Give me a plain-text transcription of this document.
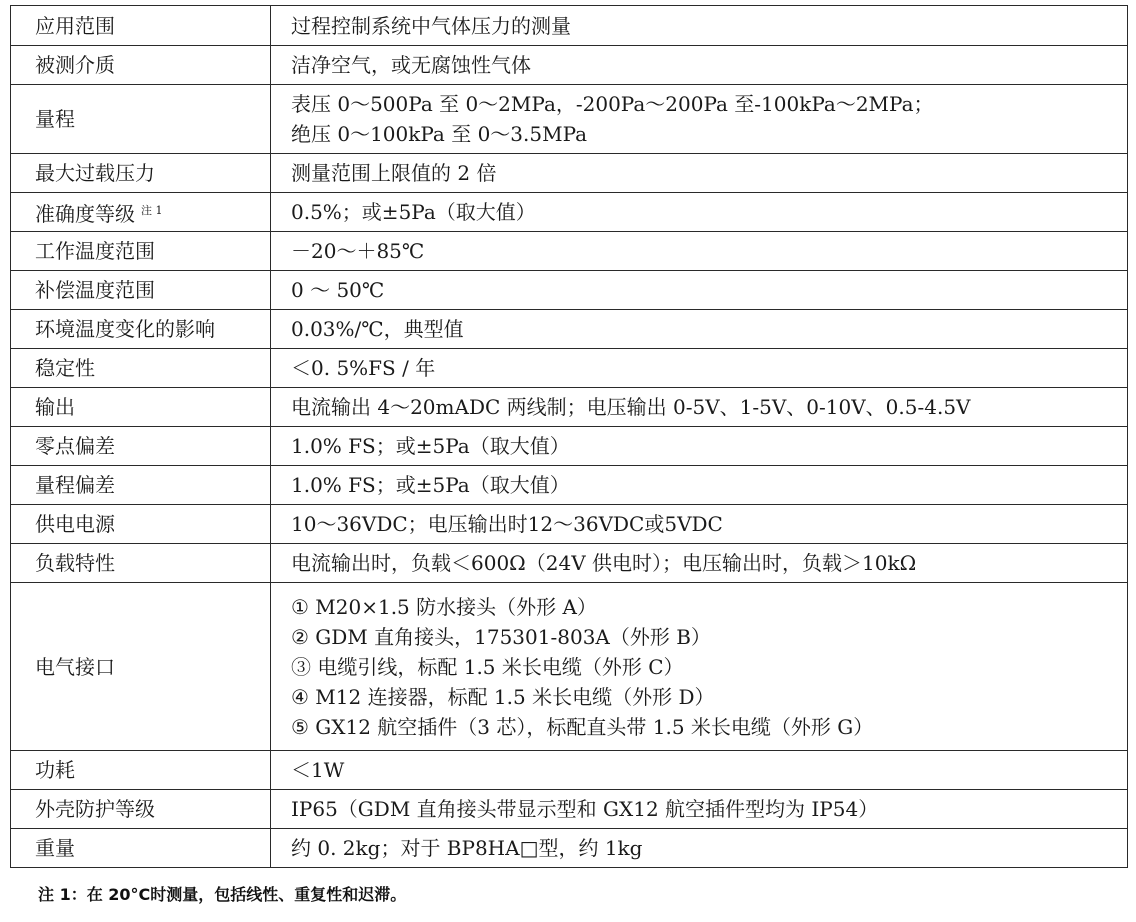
应用范围	过程控制系统中气体压力的测量
被测介质	洁净空气，或无腐蚀性气体
量程	表压 0～500Pa 至 0～2MPa，-200Pa～200Pa 至-100kPa～2MPa；
绝压 0～100kPa 至 0～3.5MPa

最大过载压力	测量范围上限值的 2 倍
准确度等级 $^{注 1}$	0.5%；或±5Pa（取大值）
工作温度范围	－20～＋85℃
补偿温度范围	0 ～ 50℃
环境温度变化的影响	0.03%/℃，典型值
稳定性	＜0. 5%FS / 年
输出	电流输出 4～20mADC 两线制；电压输出 0-5V、1-5V、0-10V、0.5-4.5V
零点偏差	1.0% FS；或±5Pa（取大值）
量程偏差	1.0% FS；或±5Pa（取大值）
供电电源	10～36VDC；电压输出时12～36VDC或5VDC
负载特性	电流输出时，负载＜600Ω（24V 供电时）；电压输出时，负载＞10kΩ
电气接口	① M20×1.5 防水接头（外形 A）
② GDM 直角接头，175301-803A（外形 B）
③ 电缆引线，标配 1.5 米长电缆（外形 C）
④ M12 连接器，标配 1.5 米长电缆（外形 D）
⑤ GX12 航空插件（3 芯），标配直头带 1.5 米长电缆（外形 G）

功耗	＜1W
外壳防护等级	IP65（GDM 直角接头带显示型和 GX12 航空插件型均为 IP54）
重量	约 0. 2kg；对于 BP8HA□型，约 1kg
注 1：在 20°C时测量，包括线性、重复性和迟滞。
